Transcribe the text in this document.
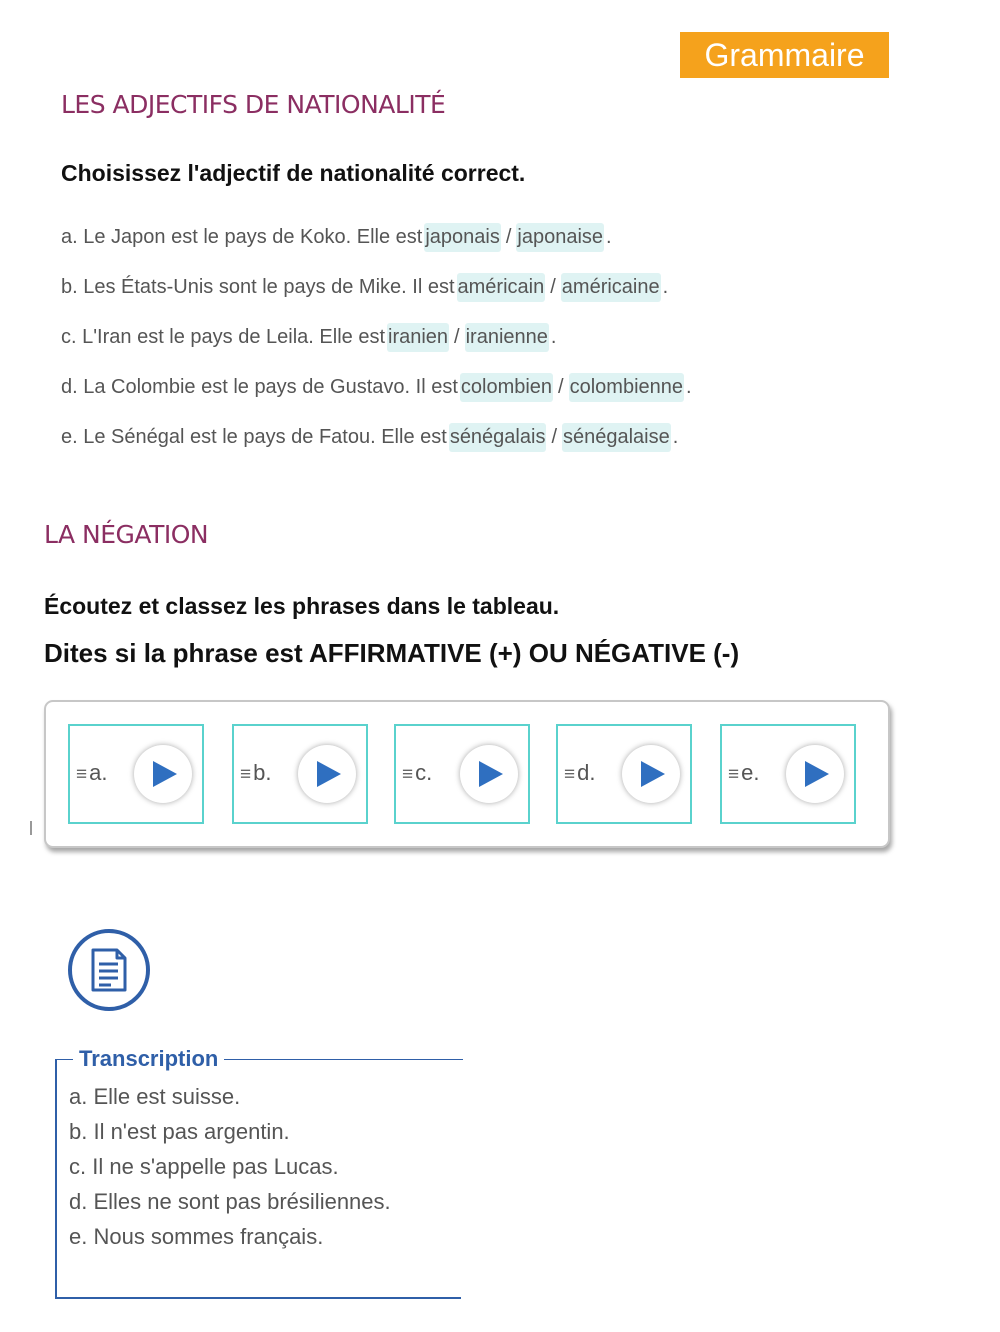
Grammaire
LES ADJECTIFS DE NATIONALITÉ
Choisissez l'adjectif de nationalité correct.
a. Le Japon est le pays de Koko. Elle est japonais / japonaise .
b. Les États-Unis sont le pays de Mike. Il est américain / américaine .
c. L'Iran est le pays de Leila. Elle est iranien / iranienne .
d. La Colombie est le pays de Gustavo. Il est colombien / colombienne .
e. Le Sénégal est le pays de Fatou. Elle est sénégalais / sénégalaise .
LA NÉGATION
Écoutez et classez les phrases dans le tableau.
Dites si la phrase est AFFIRMATIVE (+) OU NÉGATIVE (-)
≡a.	≡b.	≡c.	≡d.	≡e.
Transcription
a. Elle est suisse.
b. Il n'est pas argentin.
c. Il ne s'appelle pas Lucas.
d. Elles ne sont pas brésiliennes.
e. Nous sommes français.
